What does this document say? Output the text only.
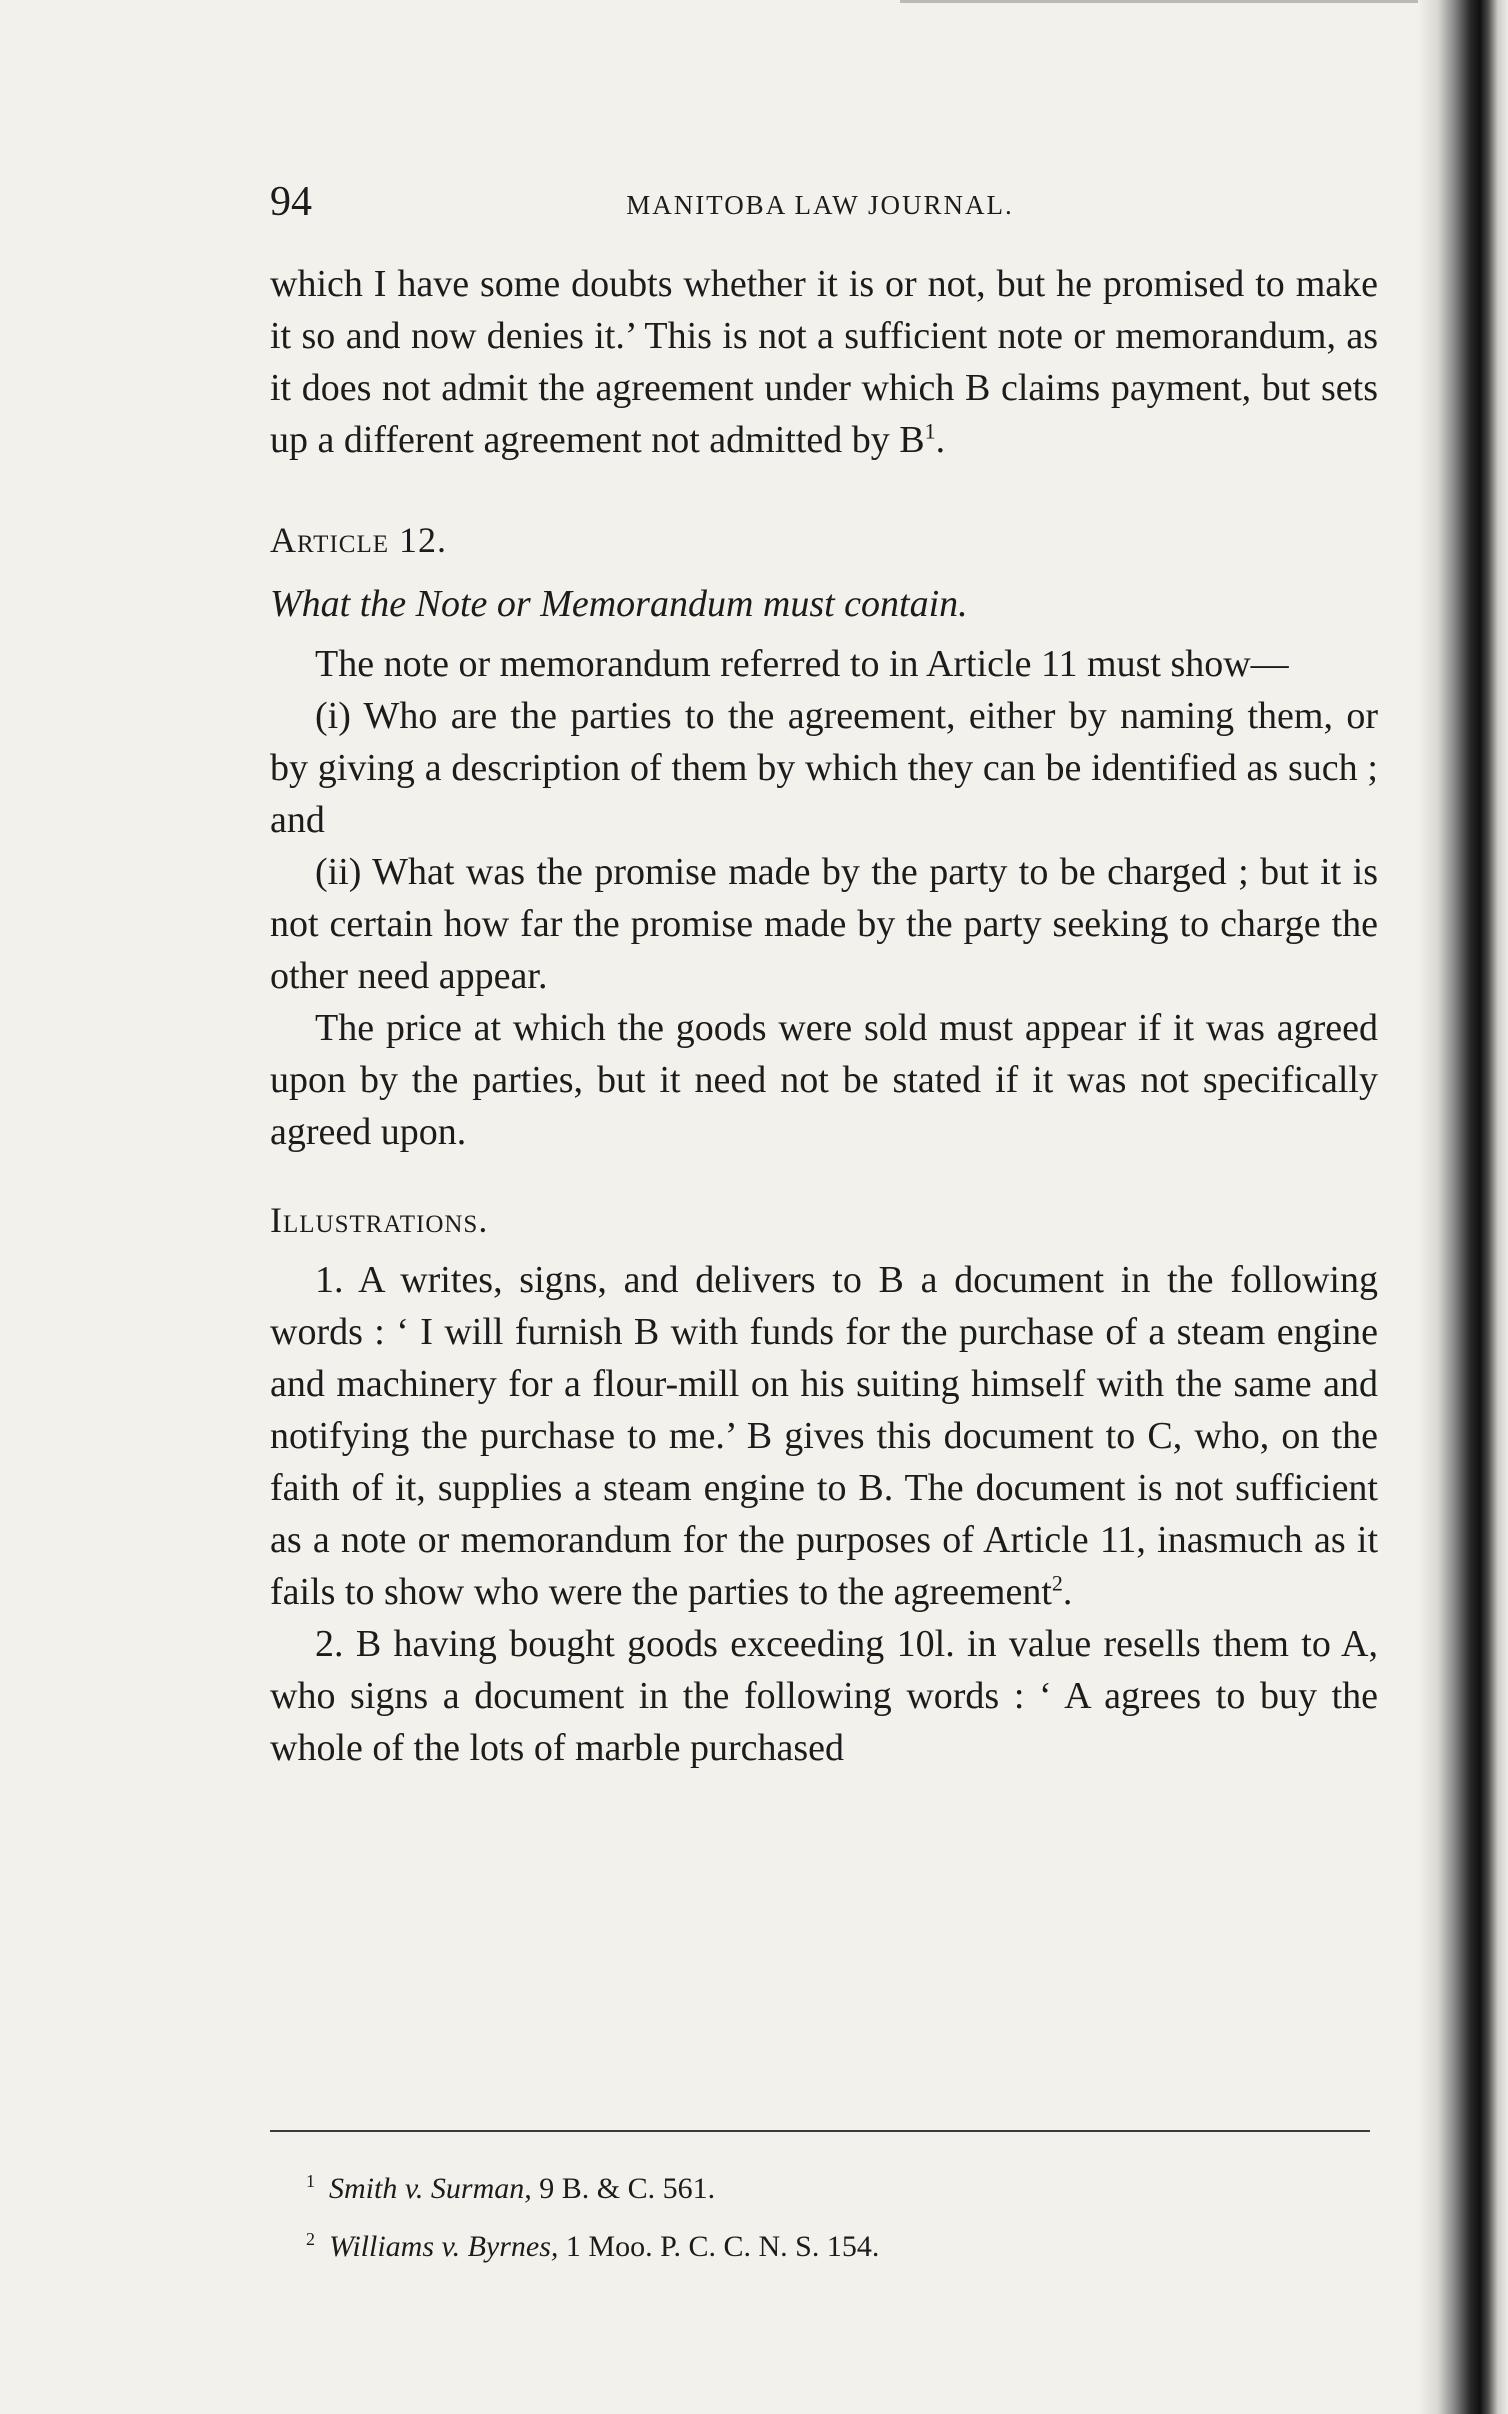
94	MANITOBA LAW JOURNAL.

which I have some doubts whether it is or not, but he promised to make it so and now denies it.’ This is not a sufficient note or memorandum, as it does not admit the agreement under which B claims payment, but sets up a different agreement not admitted by $B^1$.

Article 12.

What the Note or Memorandum must contain.

The note or memorandum referred to in Article 11 must show—

(i) Who are the parties to the agreement, either by naming them, or by giving a description of them by which they can be identified as such ; and

(ii) What was the promise made by the party to be charged ; but it is not certain how far the promise made by the party seeking to charge the other need appear.

The price at which the goods were sold must appear if it was agreed upon by the parties, but it need not be stated if it was not specifically agreed upon.

Illustrations.

1. A writes, signs, and delivers to B a document in the following words : ‘ I will furnish B with funds for the purchase of a steam engine and machinery for a flour-mill on his suiting himself with the same and notifying the purchase to me.’ B gives this document to C, who, on the faith of it, supplies a steam engine to B. The document is not sufficient as a note or memorandum for the purposes of Article 11, inasmuch as it fails to show who were the parties to the agreement$^2$.

2. B having bought goods exceeding 10l. in value resells them to A, who signs a document in the following words : ‘ A agrees to buy the whole of the lots of marble purchased

$^1$ Smith v. Surman, 9 B. & C. 561.
$^2$ Williams v. Byrnes, 1 Moo. P. C. C. N. S. 154.
